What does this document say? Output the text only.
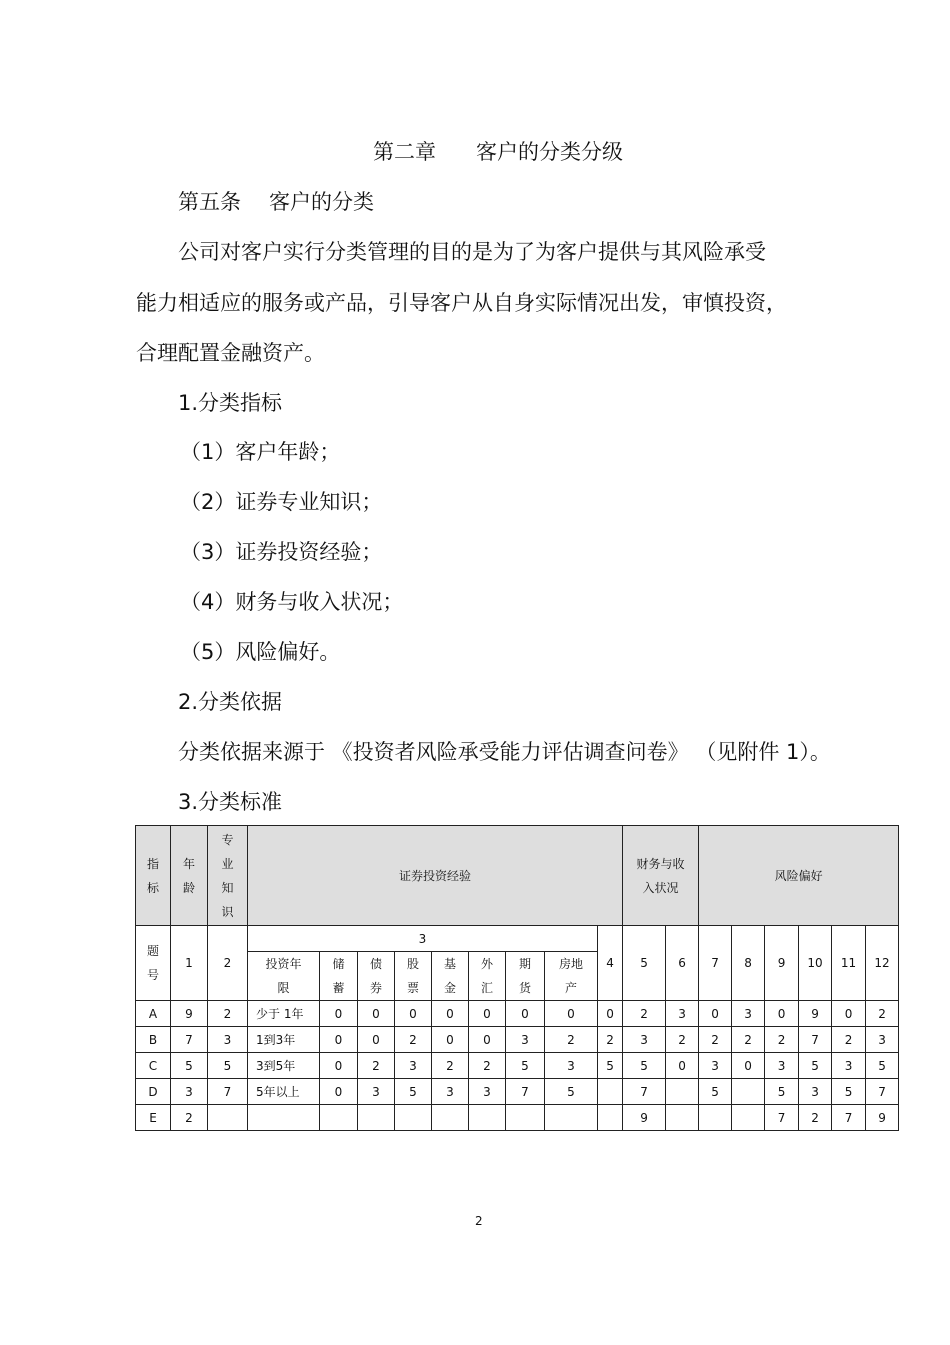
第二章 客户的分类分级
第五条 客户的分类
公司对客户实行分类管理的目的是为了为客户提供与其风险承受
能力相适应的服务或产品，引导客户从自身实际情况出发，审慎投资，
合理配置金融资产。
1.分类指标
（1）客户年龄；
（2）证券专业知识；
（3）证券投资经验；
（4）财务与收入状况；
（5）风险偏好。
2.分类依据
分类依据来源于 《投资者风险承受能力评估调查问卷》 （见附件 1）。
3.分类标准
指标	年龄	专业知识	证券投资经验									财务与收入状况		风险偏好					

题号	1	2	3								4	5	6	7	8	9	10	11	12

			投资年限	储蓄	债券	股票	基金	外汇	期货	房地产									

A	9	2	少于 1年	0	0	0	0	0	0	0	0	2	3	0	3	0	9	0	2
B	7	3	1到3年	0	0	2	0	0	3	2	2	3	2	2	2	2	7	2	3
C	5	5	3到5年	0	2	3	2	2	5	3	5	5	0	3	0	3	5	3	5
D	3	7	5年以上	0	3	5	3	3	7	5		7		5		5	3	5	7
E	2											9				7	2	7	9
2
